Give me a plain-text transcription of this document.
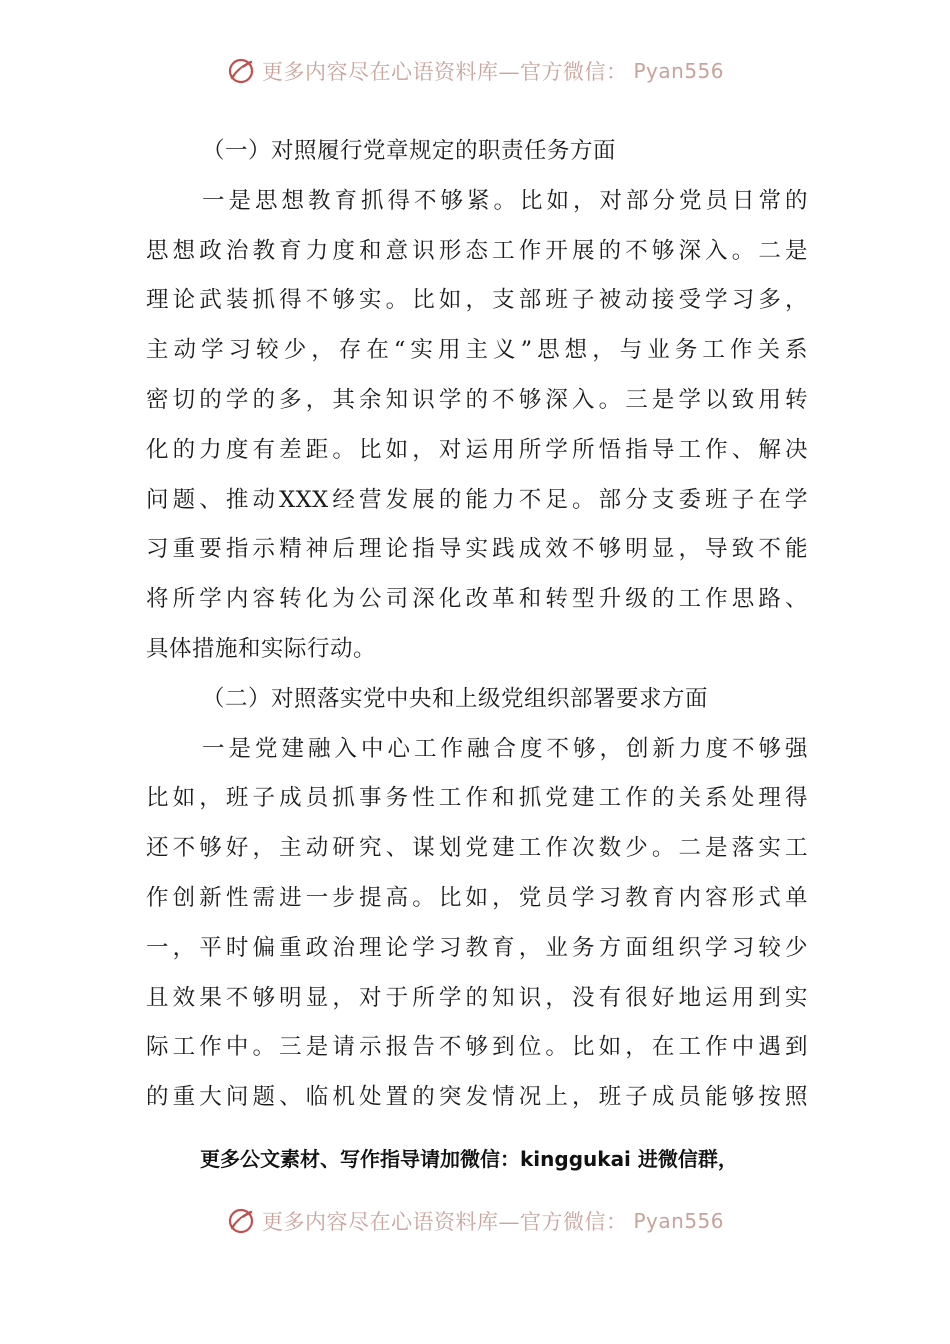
更多内容尽在心语资料库—官方微信： Pyan556
（一）对照履行党章规定的职责任务方面
一是思想教育抓得不够紧。比如，对部分党员日常的
思想政治教育力度和意识形态工作开展的不够深入。二是
理论武装抓得不够实。比如，支部班子被动接受学习多，
主动学习较少，存在“实用主义”思想，与业务工作关系
密切的学的多，其余知识学的不够深入。三是学以致用转
化的力度有差距。比如，对运用所学所悟指导工作、解决
问题、推动XXX经营发展的能力不足。部分支委班子在学
习重要指示精神后理论指导实践成效不够明显，导致不能
将所学内容转化为公司深化改革和转型升级的工作思路、
具体措施和实际行动。
（二）对照落实党中央和上级党组织部署要求方面
一是党建融入中心工作融合度不够，创新力度不够强
比如，班子成员抓事务性工作和抓党建工作的关系处理得
还不够好，主动研究、谋划党建工作次数少。二是落实工
作创新性需进一步提高。比如，党员学习教育内容形式单
一，平时偏重政治理论学习教育，业务方面组织学习较少
且效果不够明显，对于所学的知识，没有很好地运用到实
际工作中。三是请示报告不够到位。比如，在工作中遇到
的重大问题、临机处置的突发情况上，班子成员能够按照
更多公文素材、写作指导请加微信：kinggukai 进微信群，
更多内容尽在心语资料库—官方微信： Pyan556
